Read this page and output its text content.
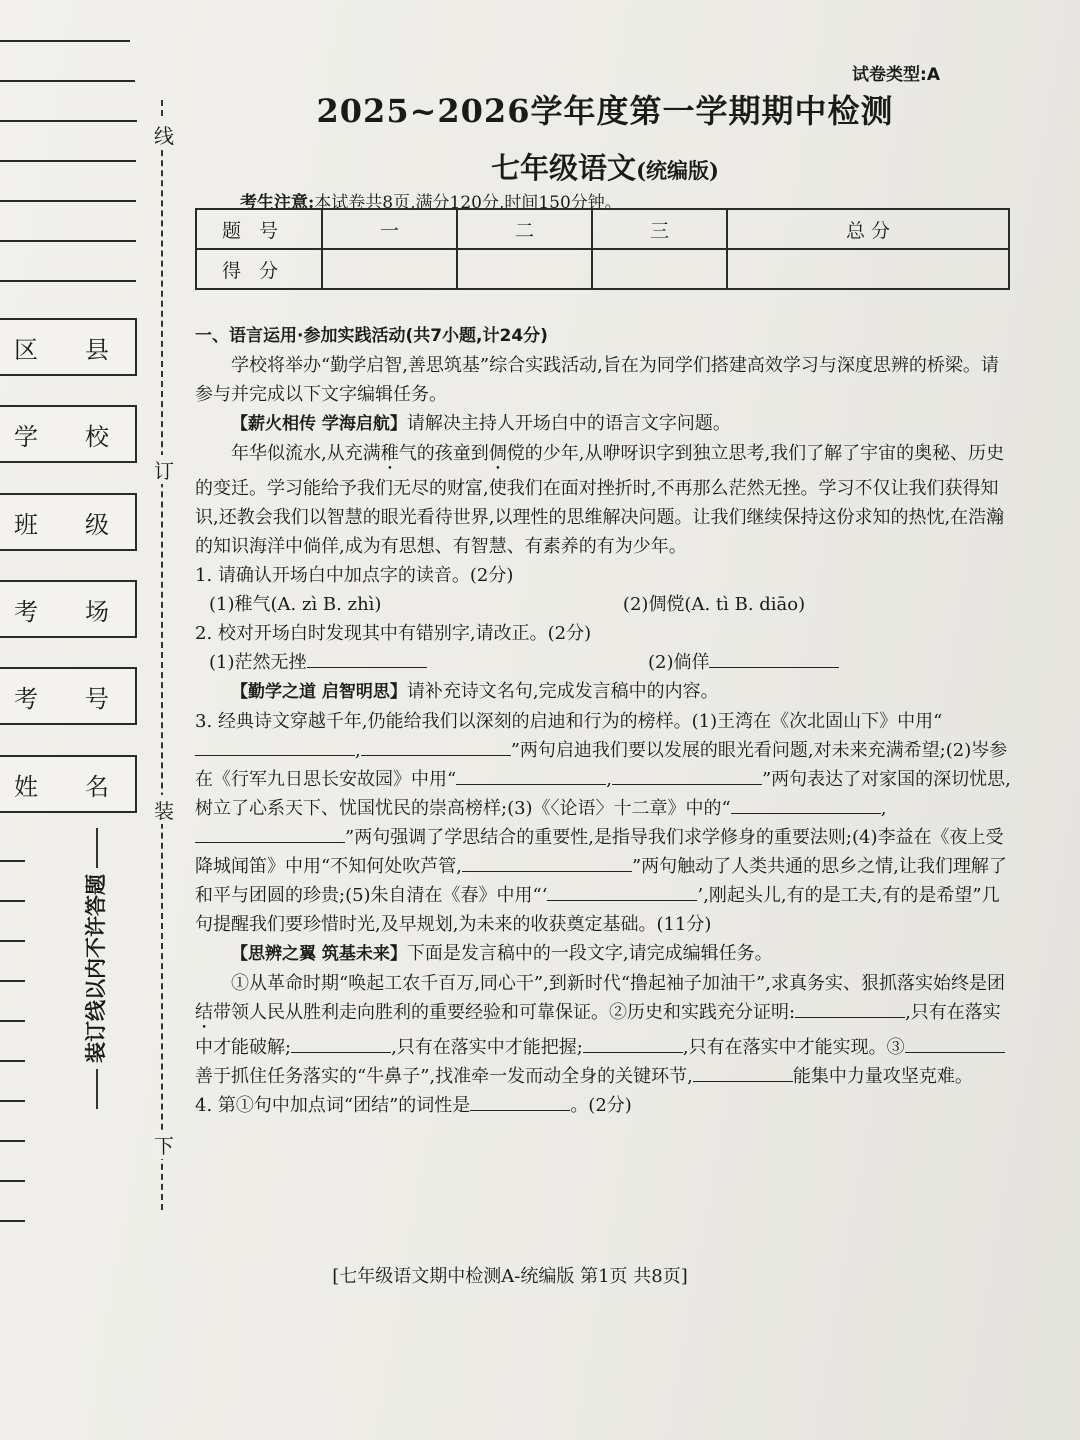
区 县
学 校
班 级
考 场
考 号
姓 名
线
订
装
下
装订线以内不许答题
试卷类型:A
2025~2026学年度第一学期期中检测
七年级语文(统编版)
考生注意:本试卷共8页,满分120分,时间150分钟。
题号	一	二	三	总 分
得分				
一、语言运用·参加实践活动(共7小题,计24分)

学校将举办“勤学启智,善思筑基”综合实践活动,旨在为同学们搭建高效学习与深度思辨的桥梁。请参与并完成以下文字编辑任务。

【薪火相传 学海启航】请解决主持人开场白中的语言文字问题。

年华似流水,从充满稚气的孩童到倜傥的少年,从咿呀识字到独立思考,我们了解了宇宙的奥秘、历史的变迁。学习能给予我们无尽的财富,使我们在面对挫折时,不再那么茫然无挫。学习不仅让我们获得知识,还教会我们以智慧的眼光看待世界,以理性的思维解决问题。让我们继续保持这份求知的热忱,在浩瀚的知识海洋中倘佯,成为有思想、有智慧、有素养的有为少年。

1. 请确认开场白中加点字的读音。(2分)

(1)稚气(A. zì B. zhì)	(2)倜傥(A. tì B. diāo)

2. 校对开场白时发现其中有错别字,请改正。(2分)

(1)茫然无挫	(2)倘佯

【勤学之道 启智明思】请补充诗文名句,完成发言稿中的内容。

3. 经典诗文穿越千年,仍能给我们以深刻的启迪和行为的榜样。(1)王湾在《次北固山下》中用“,	”两句启迪我们要以发展的眼光看问题,对未来充满希望;(2)岑参在《行军九日思长安故园》中用“	,	”两句表达了对家国的深切忧思,树立了心系天下、忧国忧民的崇高榜样;(3)《〈论语〉十二章》中的“	,”两句强调了学思结合的重要性,是指导我们求学修身的重要法则;(4)李益在《夜上受降城闻笛》中用“不知何处吹芦管,	”两句触动了人类共通的思乡之情,让我们理解了和平与团圆的珍贵;(5)朱自清在《春》中用“‘	’,刚起头儿,有的是工夫,有的是希望”几句提醒我们要珍惜时光,及早规划,为未来的收获奠定基础。(11分)

【思辨之翼 筑基未来】下面是发言稿中的一段文字,请完成编辑任务。

①从革命时期“唤起工农千百万,同心干”,到新时代“撸起袖子加油干”,求真务实、狠抓落实始终是团结带领人民从胜利走向胜利的重要经验和可靠保证。②历史和实践充分证明:	,只有在落实中才能破解;	,只有在落实中才能把握;	,只有在落实中才能实现。③善于抓住任务落实的“牛鼻子”,找准牵一发而动全身的关键环节,	能集中力量攻坚克难。

4. 第①句中加点词“团结”的词性是	。(2分)

[七年级语文期中检测A-统编版 第1页 共8页]
